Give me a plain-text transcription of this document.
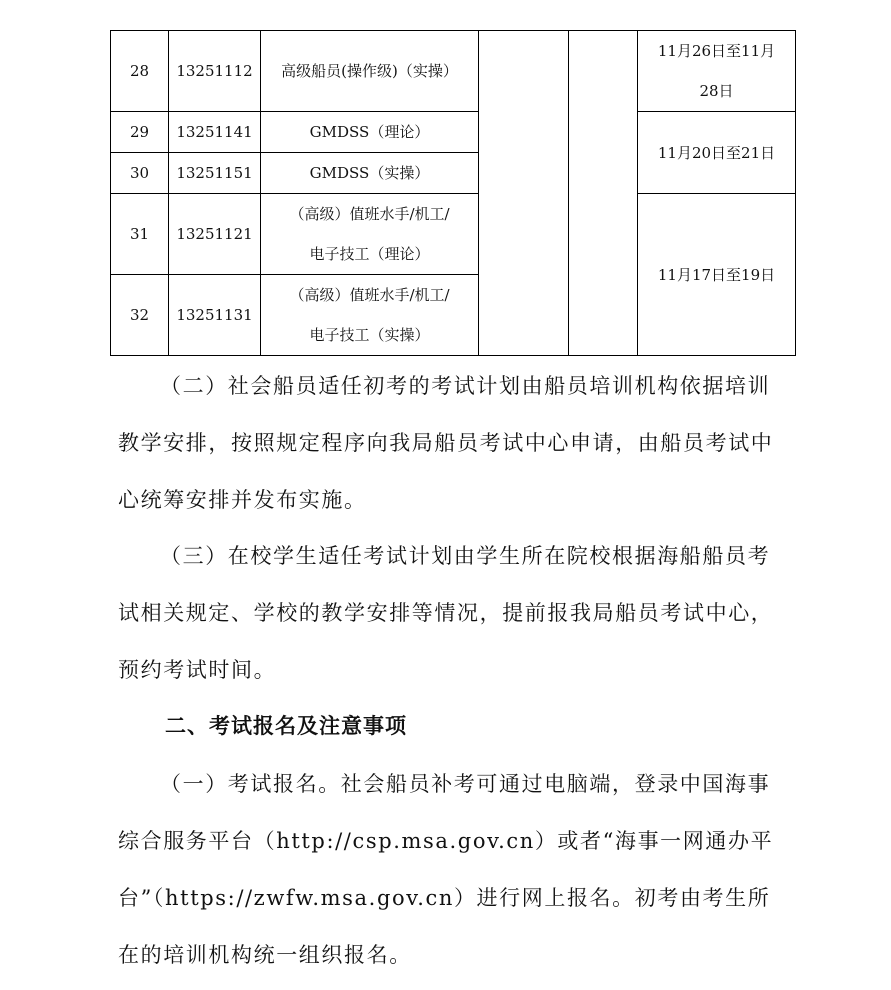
28	13251112	高级船员(操作级)（实操）			11月26日至11月
28日

29	13251141	GMDSS（理论）			11月20日至21日
30	13251151	GMDSS（实操）			
31	13251121	（高级）值班水手/机工/
电子技工（理论）			11月17日至19日
32	13251131	（高级）值班水手/机工/
电子技工（实操）			

（二）社会船员适任初考的考试计划由船员培训机构依据培训教学安排，按照规定程序向我局船员考试中心申请，由船员考试中心统筹安排并发布实施。

（三）在校学生适任考试计划由学生所在院校根据海船船员考试相关规定、学校的教学安排等情况，提前报我局船员考试中心，预约考试时间。

二、考试报名及注意事项

（一）考试报名。社会船员补考可通过电脑端，登录中国海事综合服务平台（http://csp.msa.gov.cn）或者“海事一网通办平台”（https://zwfw.msa.gov.cn）进行网上报名。初考由考生所在的培训机构统一组织报名。
